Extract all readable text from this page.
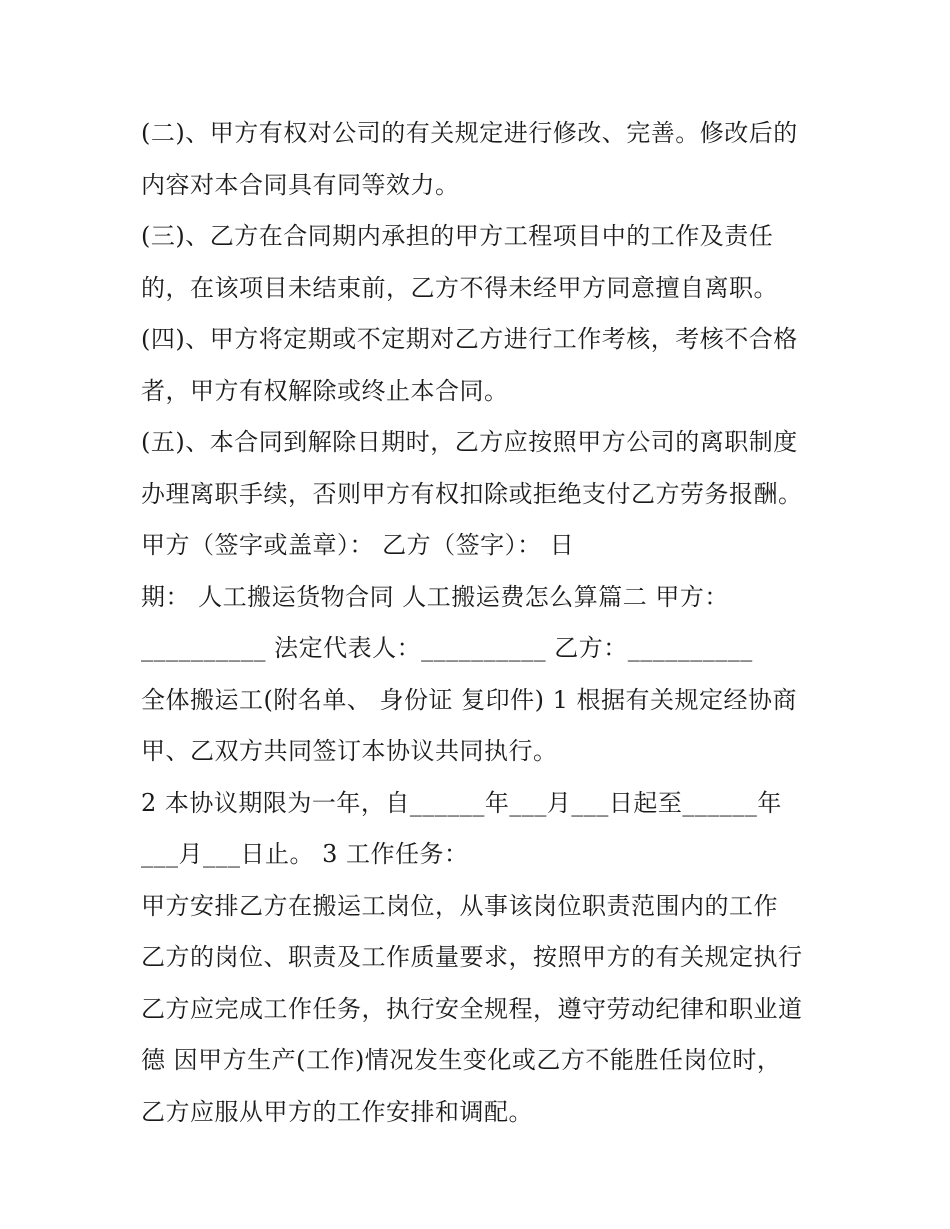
(二)、甲方有权对公司的有关规定进行修改、完善。修改后的
内容对本合同具有同等效力。
(三)、乙方在合同期内承担的甲方工程项目中的工作及责任
的，在该项目未结束前，乙方不得未经甲方同意擅自离职。
(四)、甲方将定期或不定期对乙方进行工作考核，考核不合格
者，甲方有权解除或终止本合同。
(五)、本合同到解除日期时，乙方应按照甲方公司的离职制度
办理离职手续，否则甲方有权扣除或拒绝支付乙方劳务报酬。
甲方（签字或盖章）： 乙方（签字）： 日
期： 人工搬运货物合同 人工搬运费怎么算篇二 甲方：
__________ 法定代表人：__________ 乙方：__________
全体搬运工(附名单、 身份证 复印件) 1 根据有关规定经协商
甲、乙双方共同签订本协议共同执行。
2 本协议期限为一年，自______年___月___日起至______年
___月___日止。 3 工作任务：
甲方安排乙方在搬运工岗位，从事该岗位职责范围内的工作
乙方的岗位、职责及工作质量要求，按照甲方的有关规定执行
乙方应完成工作任务，执行安全规程，遵守劳动纪律和职业道
德 因甲方生产(工作)情况发生变化或乙方不能胜任岗位时，
乙方应服从甲方的工作安排和调配。
